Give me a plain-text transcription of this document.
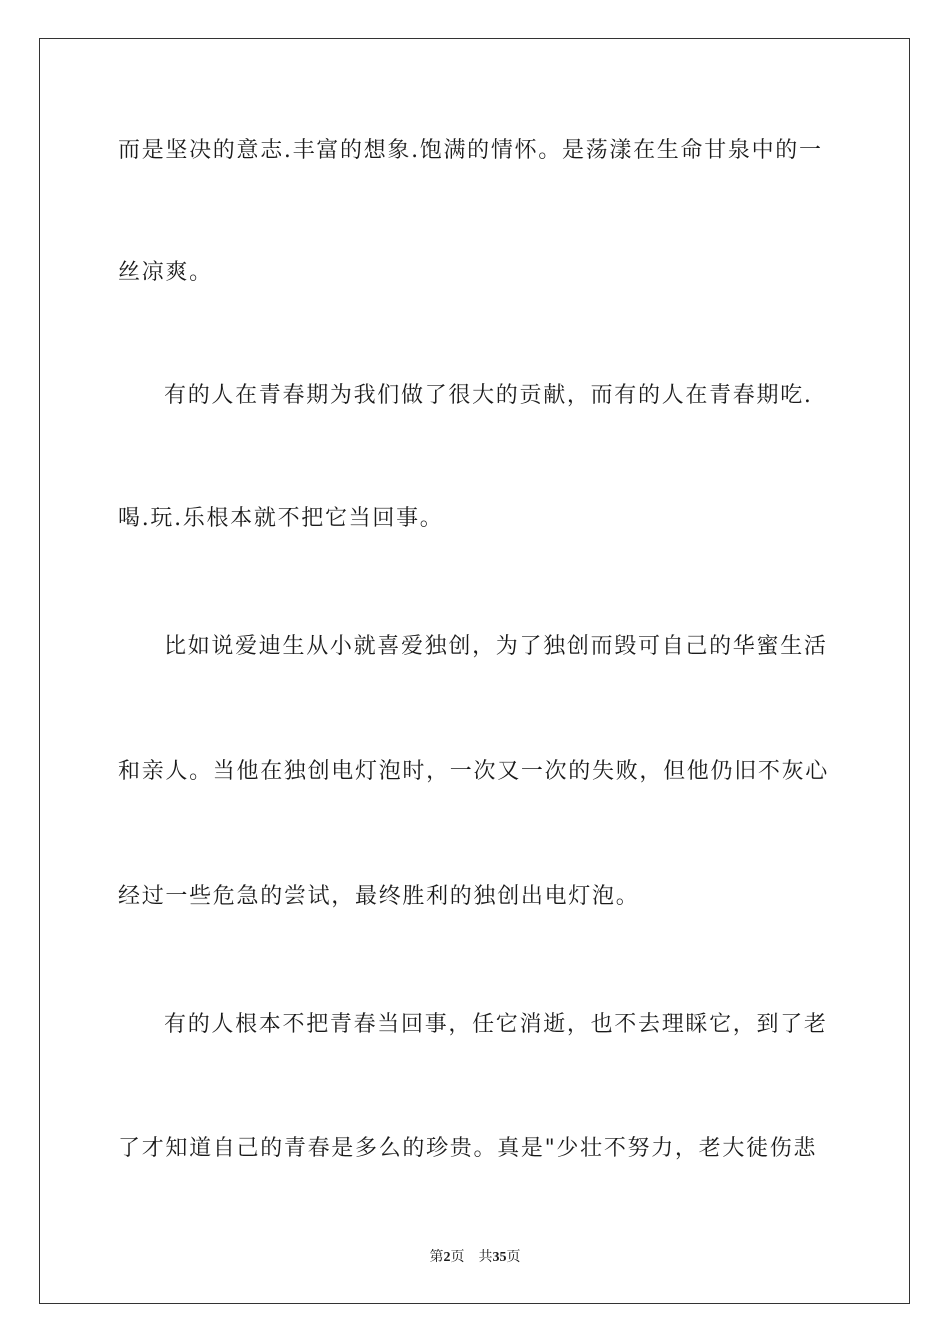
而是坚决的意志.丰富的想象.饱满的情怀。是荡漾在生命甘泉中的一
丝凉爽。
有的人在青春期为我们做了很大的贡献，而有的人在青春期吃.
喝.玩.乐根本就不把它当回事。
比如说爱迪生从小就喜爱独创，为了独创而毁可自己的华蜜生活
和亲人。当他在独创电灯泡时，一次又一次的失败，但他仍旧不灰心
经过一些危急的尝试，最终胜利的独创出电灯泡。
有的人根本不把青春当回事，任它消逝，也不去理睬它，到了老
了才知道自己的青春是多么的珍贵。真是"少壮不努力，老大徒伤悲
第2页 共35页
